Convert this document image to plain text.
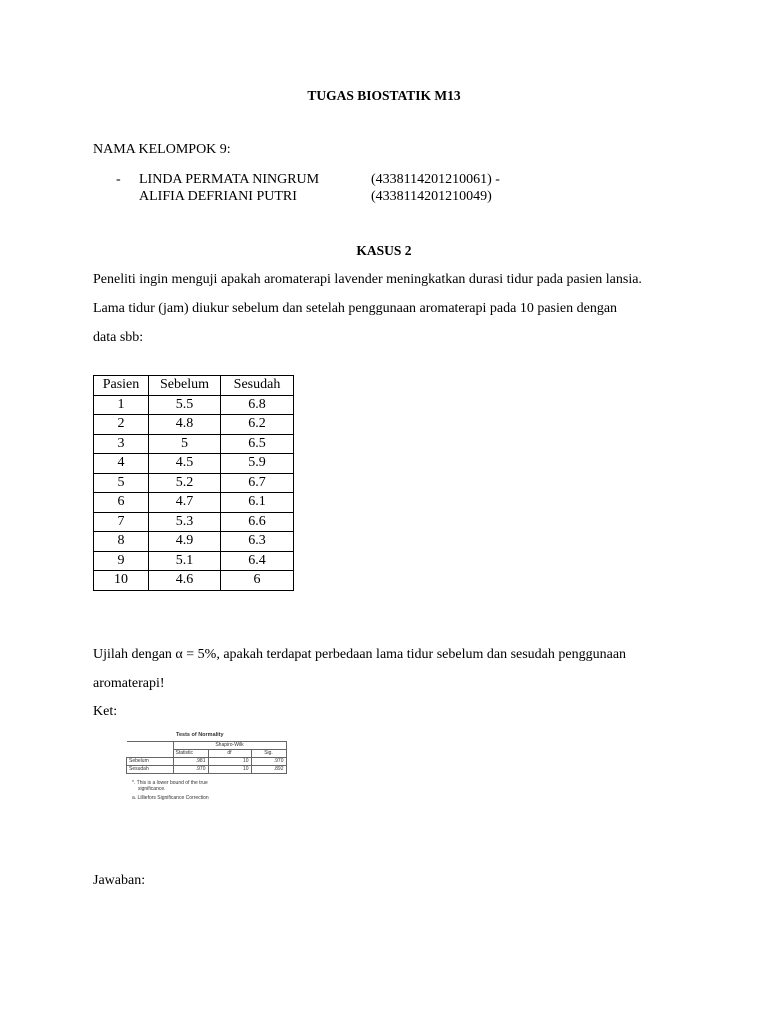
TUGAS BIOSTATIK M13
NAMA KELOMPOK 9:
- LINDA PERMATA NINGRUM	(4338114201210061) -
ALIFIA DEFRIANI PUTRI	(4338114201210049)
KASUS 2
Peneliti ingin menguji apakah aromaterapi lavender meningkatkan durasi tidur pada pasien lansia.
Lama tidur (jam) diukur sebelum dan setelah penggunaan aromaterapi pada 10 pasien dengan
data sbb:
Pasien	Sebelum	Sesudah
1	5.5	6.8
2	4.8	6.2
3	5	6.5
4	4.5	5.9
5	5.2	6.7
6	4.7	6.1
7	5.3	6.6
8	4.9	6.3
9	5.1	6.4
10	4.6	6
Ujilah dengan α = 5%, apakah terdapat perbedaan lama tidur sebelum dan sesudah penggunaan
aromaterapi!
Ket:
Tests of Normality
	Shapiro-Wilk		
	Statistic	df	Sig.
Sebelum	.981	10	.970
Sesudah	.970	10	.892
*. This is a lower bound of the true
significance.
a. Lilliefors Significance Correction
Jawaban:
